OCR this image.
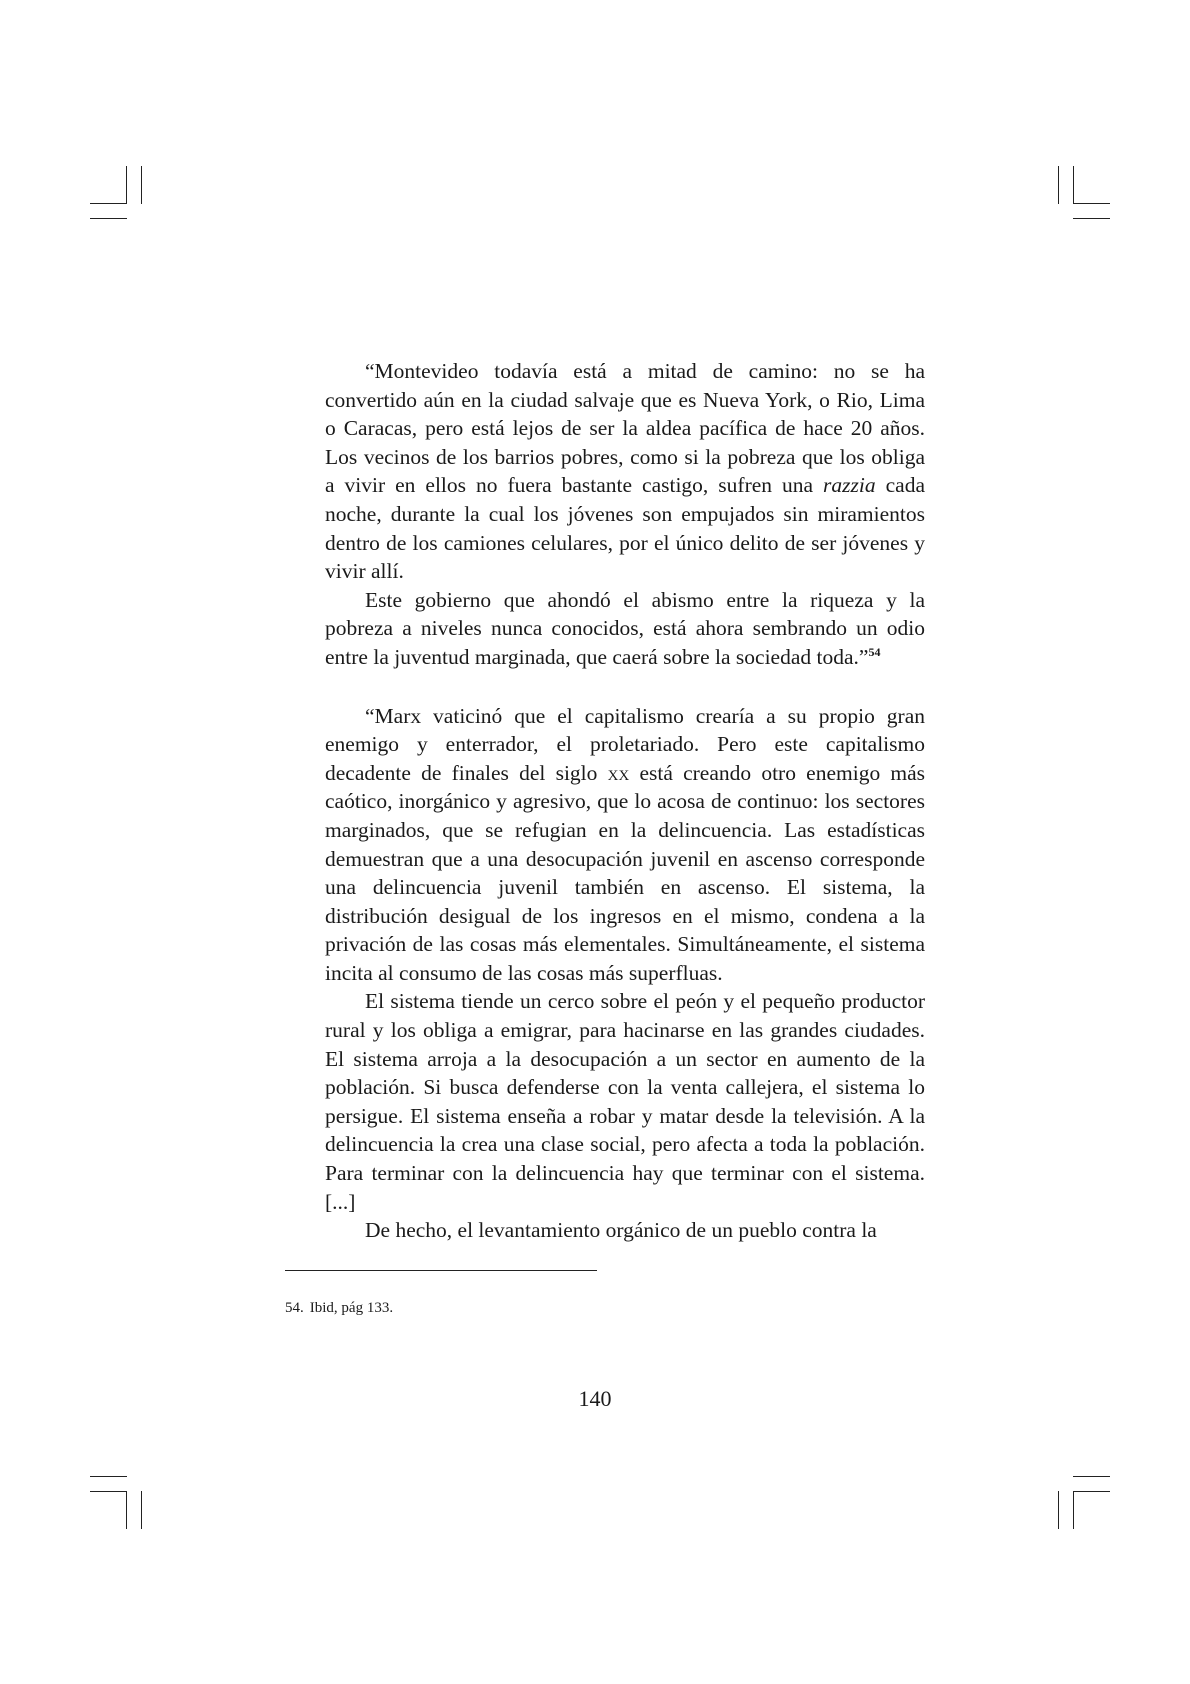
“Montevideo todavía está a mitad de camino: no se ha convertido aún en la ciudad salvaje que es Nueva York, o Rio, Lima o Caracas, pero está lejos de ser la aldea pacífica de hace 20 años. Los vecinos de los barrios pobres, como si la pobreza que los obliga a vivir en ellos no fuera bastante castigo, sufren una razzia cada noche, durante la cual los jóvenes son empujados sin miramientos dentro de los camiones celulares, por el único delito de ser jóvenes y vivir allí.

Este gobierno que ahondó el abismo entre la riqueza y la pobreza a niveles nunca conocidos, está ahora sembrando un odio entre la juventud marginada, que caerá sobre la sociedad toda.”$^{54}$

“Marx vaticinó que el capitalismo crearía a su propio gran enemigo y enterrador, el proletariado. Pero este capitalismo decadente de finales del siglo xx está creando otro enemigo más caótico, inorgánico y agresivo, que lo acosa de continuo: los sectores marginados, que se refugian en la delincuencia. Las estadísticas demuestran que a una desocupación juvenil en ascenso corresponde una delincuencia juvenil también en ascenso. El sistema, la distribución desigual de los ingresos en el mismo, condena a la privación de las cosas más elementales. Simultáneamente, el sistema incita al consumo de las cosas más superfluas.

El sistema tiende un cerco sobre el peón y el pequeño productor rural y los obliga a emigrar, para hacinarse en las grandes ciudades. El sistema arroja a la desocupación a un sector en aumento de la población. Si busca defenderse con la venta callejera, el sistema lo persigue. El sistema enseña a robar y matar desde la televisión. A la delincuencia la crea una clase social, pero afecta a toda la población. Para terminar con la delincuencia hay que terminar con el sistema. [...]

De hecho, el levantamiento orgánico de un pueblo contra la

54. Ibid, pág 133.

140
